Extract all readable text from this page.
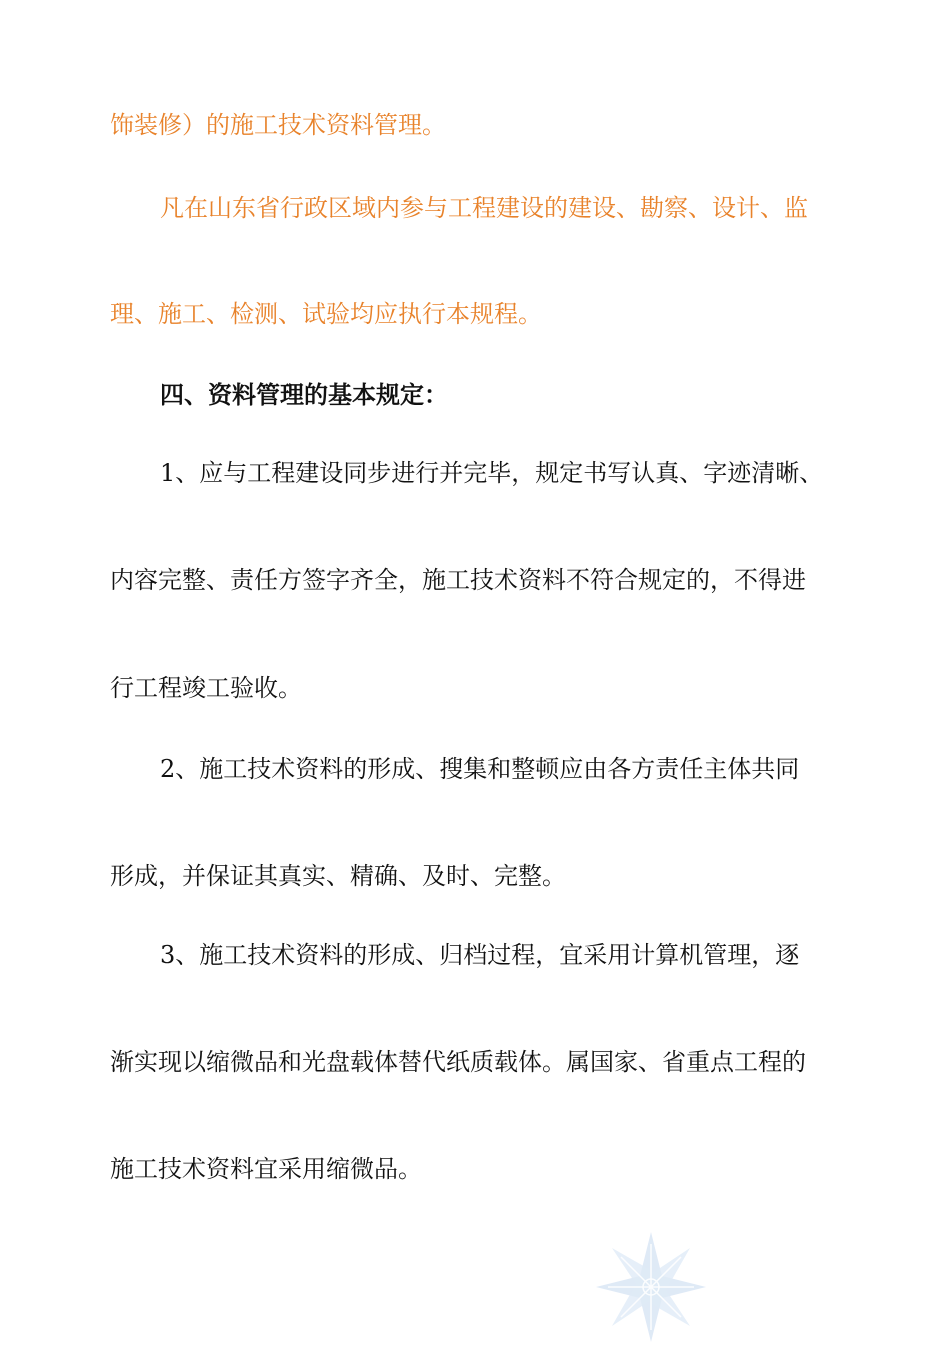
饰装修）的施工技术资料管理。

凡在山东省行政区域内参与工程建设的建设、勘察、设计、监

理、施工、检测、试验均应执行本规程。

四、资料管理的基本规定：

1、应与工程建设同步进行并完毕，规定书写认真、字迹清晰、

内容完整、责任方签字齐全，施工技术资料不符合规定的，不得进

行工程竣工验收。

2、施工技术资料的形成、搜集和整顿应由各方责任主体共同

形成，并保证其真实、精确、及时、完整。

3、施工技术资料的形成、归档过程，宜采用计算机管理，逐

渐实现以缩微品和光盘载体替代纸质载体。属国家、省重点工程的

施工技术资料宜采用缩微品。
